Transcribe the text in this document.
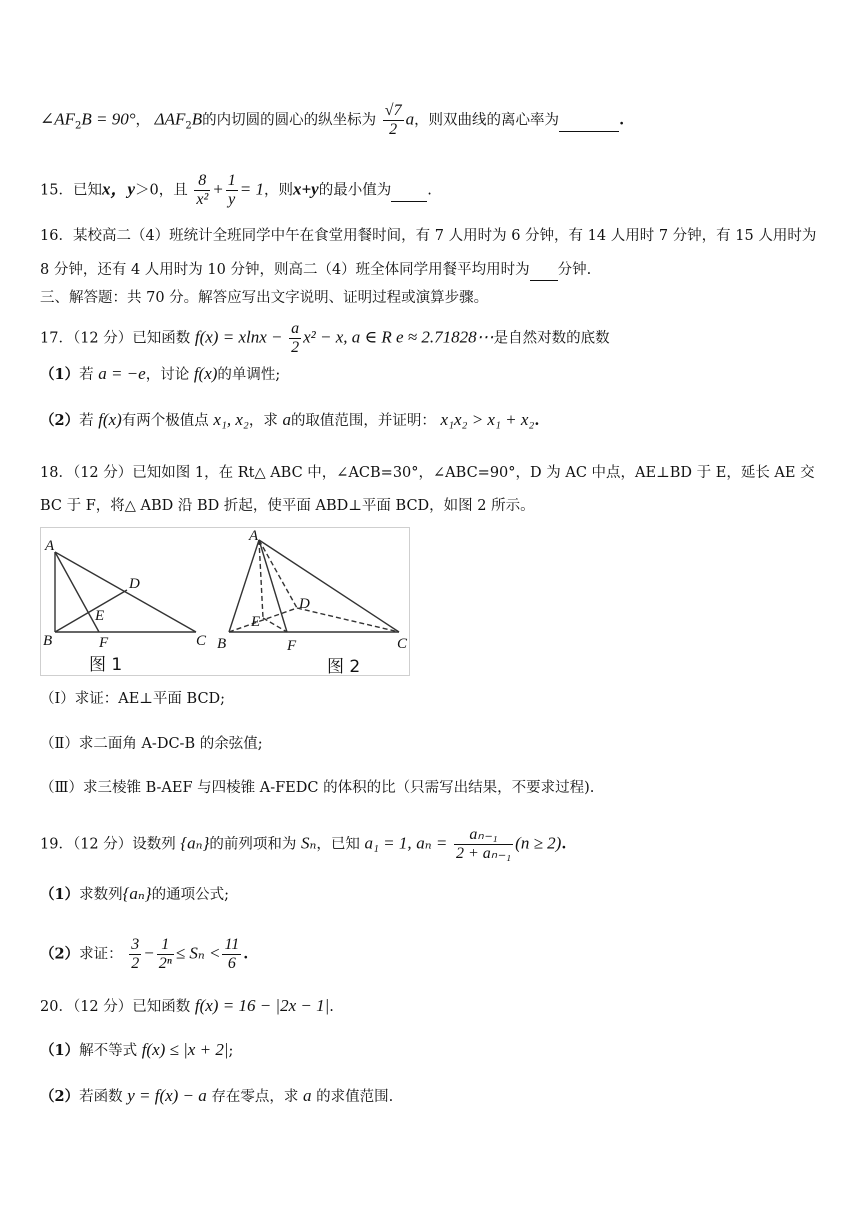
$\angle AF_2B = 90^\circ$， $\Delta AF_2B$的内切圆的圆心的纵坐标为 $\frac{√7}{2}$ a，则双曲线的离心率为	.
15．已知x，y＞0，且 $\frac{8}{\text{x²}} + \frac{1}{y} = 1$，则x+y的最小值为 .
16．某校高二（4）班统计全班同学中午在食堂用餐时间，有 7 人用时为 6 分钟，有 14 人用时 7 分钟，有 15 人用时为
8 分钟，还有 4 人用时为 10 分钟，则高二（4）班全体同学用餐平均用时为 分钟.
三、解答题：共 70 分。解答应写出文字说明、证明过程或演算步骤。
17．（12 分）已知函数 $f(x) = xlnx - \frac{a}{2} x^2 - x$, a ∈ R e ≈ 2.71828⋯是自然对数的底数
（1）若 a = −e，讨论 f(x)的单调性;
（2）若 f(x)有两个极值点 x₁, x₂，求 a的取值范围，并证明： x₁x₂ > x₁ + x₂.
18．（12 分）已知如图 1，在 Rt△ ABC 中，∠ACB=30°，∠ABC=90°，D 为 AC 中点，AE⊥BD 于 E，延长 AE 交
BC 于 F，将△ ABD 沿 BD 折起，使平面 ABD⊥平面 BCD，如图 2 所示。
A
B	C
D
E
F
图 1
A
B	C
D
E
F
图 2
（Ⅰ）求证：AE⊥平面 BCD;
（Ⅱ）求二面角 A-DC-B 的余弦值;
（Ⅲ）求三棱锥 B-AEF 与四棱锥 A-FEDC 的体积的比（只需写出结果，不要求过程).
19．（12 分）设数列 {aₙ}的前列项和为 Sₙ，已知 a₁ = 1, $a_n = \frac{\text{aₙ₋₁}}{\text{2 + aₙ₋₁}} (n \ge 2)$.
（1）求数列{aₙ}的通项公式;
（2）求证： $\frac{3}{2} - \frac{1}{\text{2ⁿ}} \le S_n < \frac{11}{6}$ .
20．（12 分）已知函数 f(x) = 16 − |2x − 1|.
（1）解不等式 f(x) ≤ |x + 2|;
（2）若函数 y = f(x) − a 存在零点，求 a 的求值范围.
